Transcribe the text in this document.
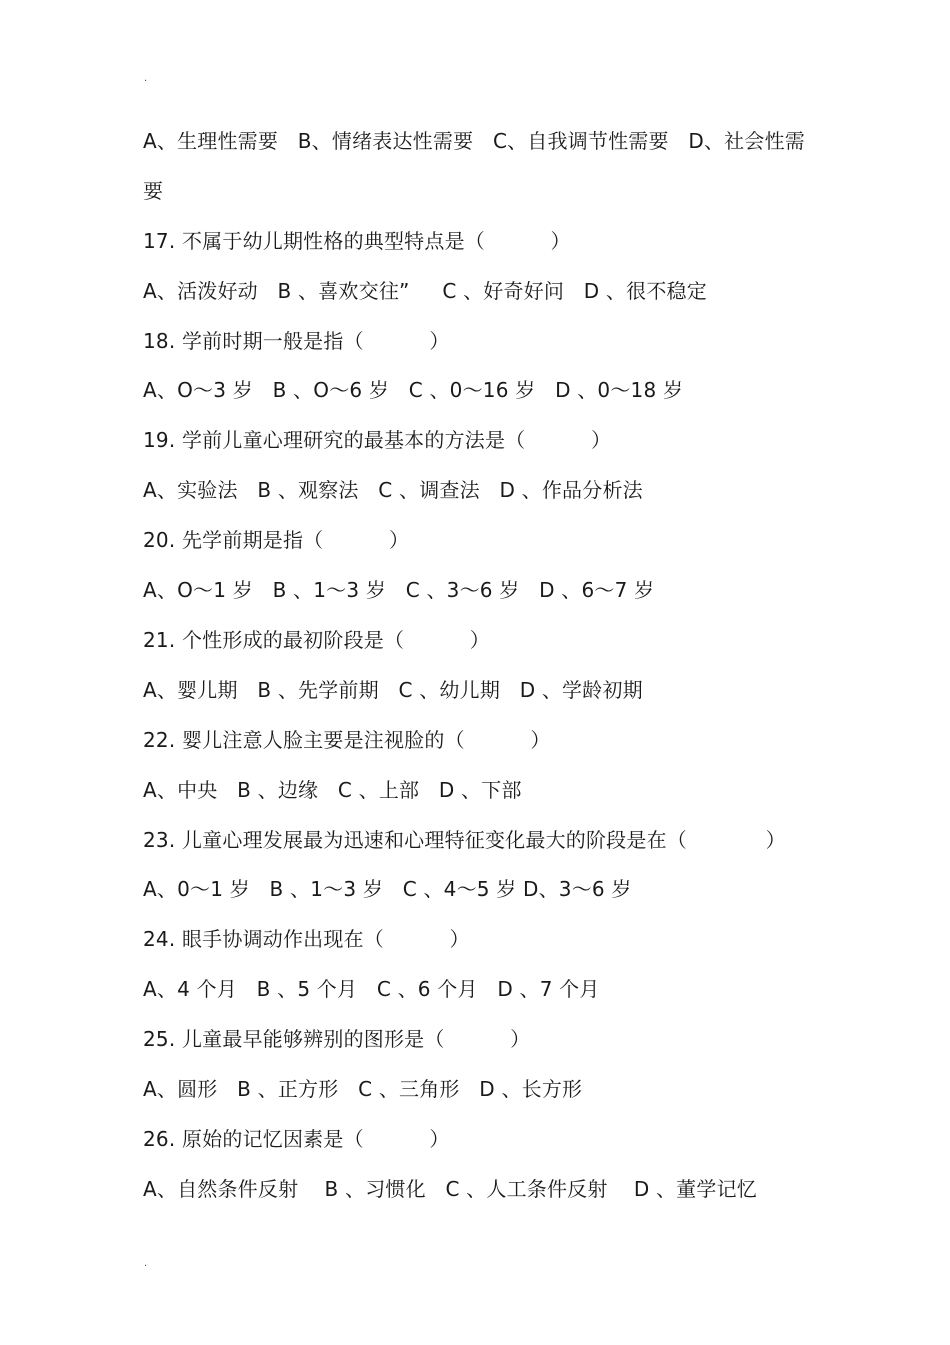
.
A、生理性需要   B、情绪表达性需要   C、自我调节性需要   D、社会性需
要
17. 不属于幼儿期性格的典型特点是（          ）
A、活泼好动   B 、喜欢交往”     C 、好奇好问   D 、很不稳定
18. 学前时期一般是指（          ）
A、O～3 岁   B 、O～6 岁   C 、0～16 岁   D 、0～18 岁
19. 学前儿童心理研究的最基本的方法是（          ）
A、实验法   B 、观察法   C 、调查法   D 、作品分析法
20. 先学前期是指（          ）
A、O～1 岁   B 、1～3 岁   C 、3～6 岁   D 、6～7 岁
21. 个性形成的最初阶段是（          ）
A、婴儿期   B 、先学前期   C 、幼儿期   D 、学龄初期
22. 婴儿注意人脸主要是注视脸的（          ）
A、中央   B 、边缘   C 、上部   D 、下部
23. 儿童心理发展最为迅速和心理特征变化最大的阶段是在（            ）
A、0～1 岁   B 、1～3 岁   C 、4～5 岁 D、3～6 岁
24. 眼手协调动作出现在（          ）
A、4 个月   B 、5 个月   C 、6 个月   D 、7 个月
25. 儿童最早能够辨别的图形是（          ）
A、圆形   B 、正方形   C 、三角形   D 、长方形
26. 原始的记忆因素是（          ）
A、自然条件反射    B 、习惯化   C 、人工条件反射    D 、董学记忆
.
